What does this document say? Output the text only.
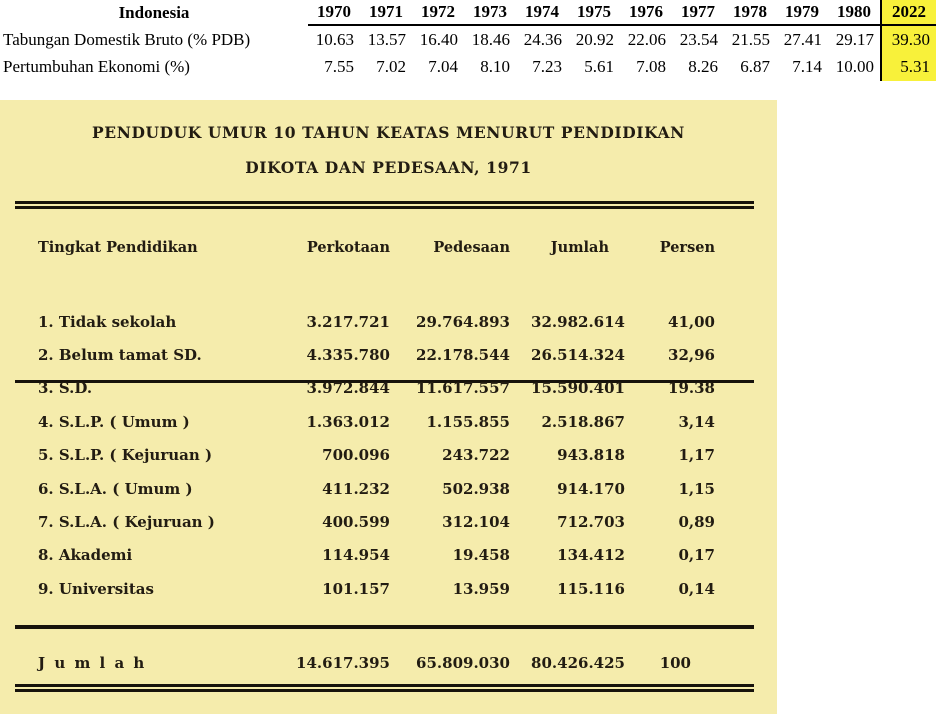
Indonesia	1970	1971	1972	1973	1974	1975	1976	1977	1978	1979	1980	2022
Tabungan Domestik Bruto (% PDB)	10.63 13.57 16.40 18.46 24.36 20.92 22.06 23.54 21.55 27.41 29.17	39.30
Pertumbuhan Ekonomi (%)	7.55	7.02	7.04	8.10	7.23	5.61	7.08	8.26	6.87	7.14 10.00	5.31
PENDUDUK UMUR 10 TAHUN KEATAS MENURUT PENDIDIKAN
DIKOTA DAN PEDESAAN, 1971
Tingkat Pendidikan	Perkotaan	Pedesaan	Jumlah	Persen
1. Tidak sekolah	3.217.721	29.764.893	32.982.614	41,00
2. Belum tamat SD.	4.335.780	22.178.544	26.514.324	32,96
3. S.D.	3.972.844	11.617.557	15.590.401	19.38
4. S.L.P. ( Umum )	1.363.012	1.155.855	2.518.867	3,14
5. S.L.P. ( Kejuruan )	700.096	243.722	943.818	1,17
6. S.L.A. ( Umum )	411.232	502.938	914.170	1,15
7. S.L.A. ( Kejuruan )	400.599	312.104	712.703	0,89
8. Akademi	114.954	19.458	134.412	0,17
9. Universitas	101.157	13.959	115.116	0,14
J u m l a h	14.617.395	65.809.030	80.426.425	100
